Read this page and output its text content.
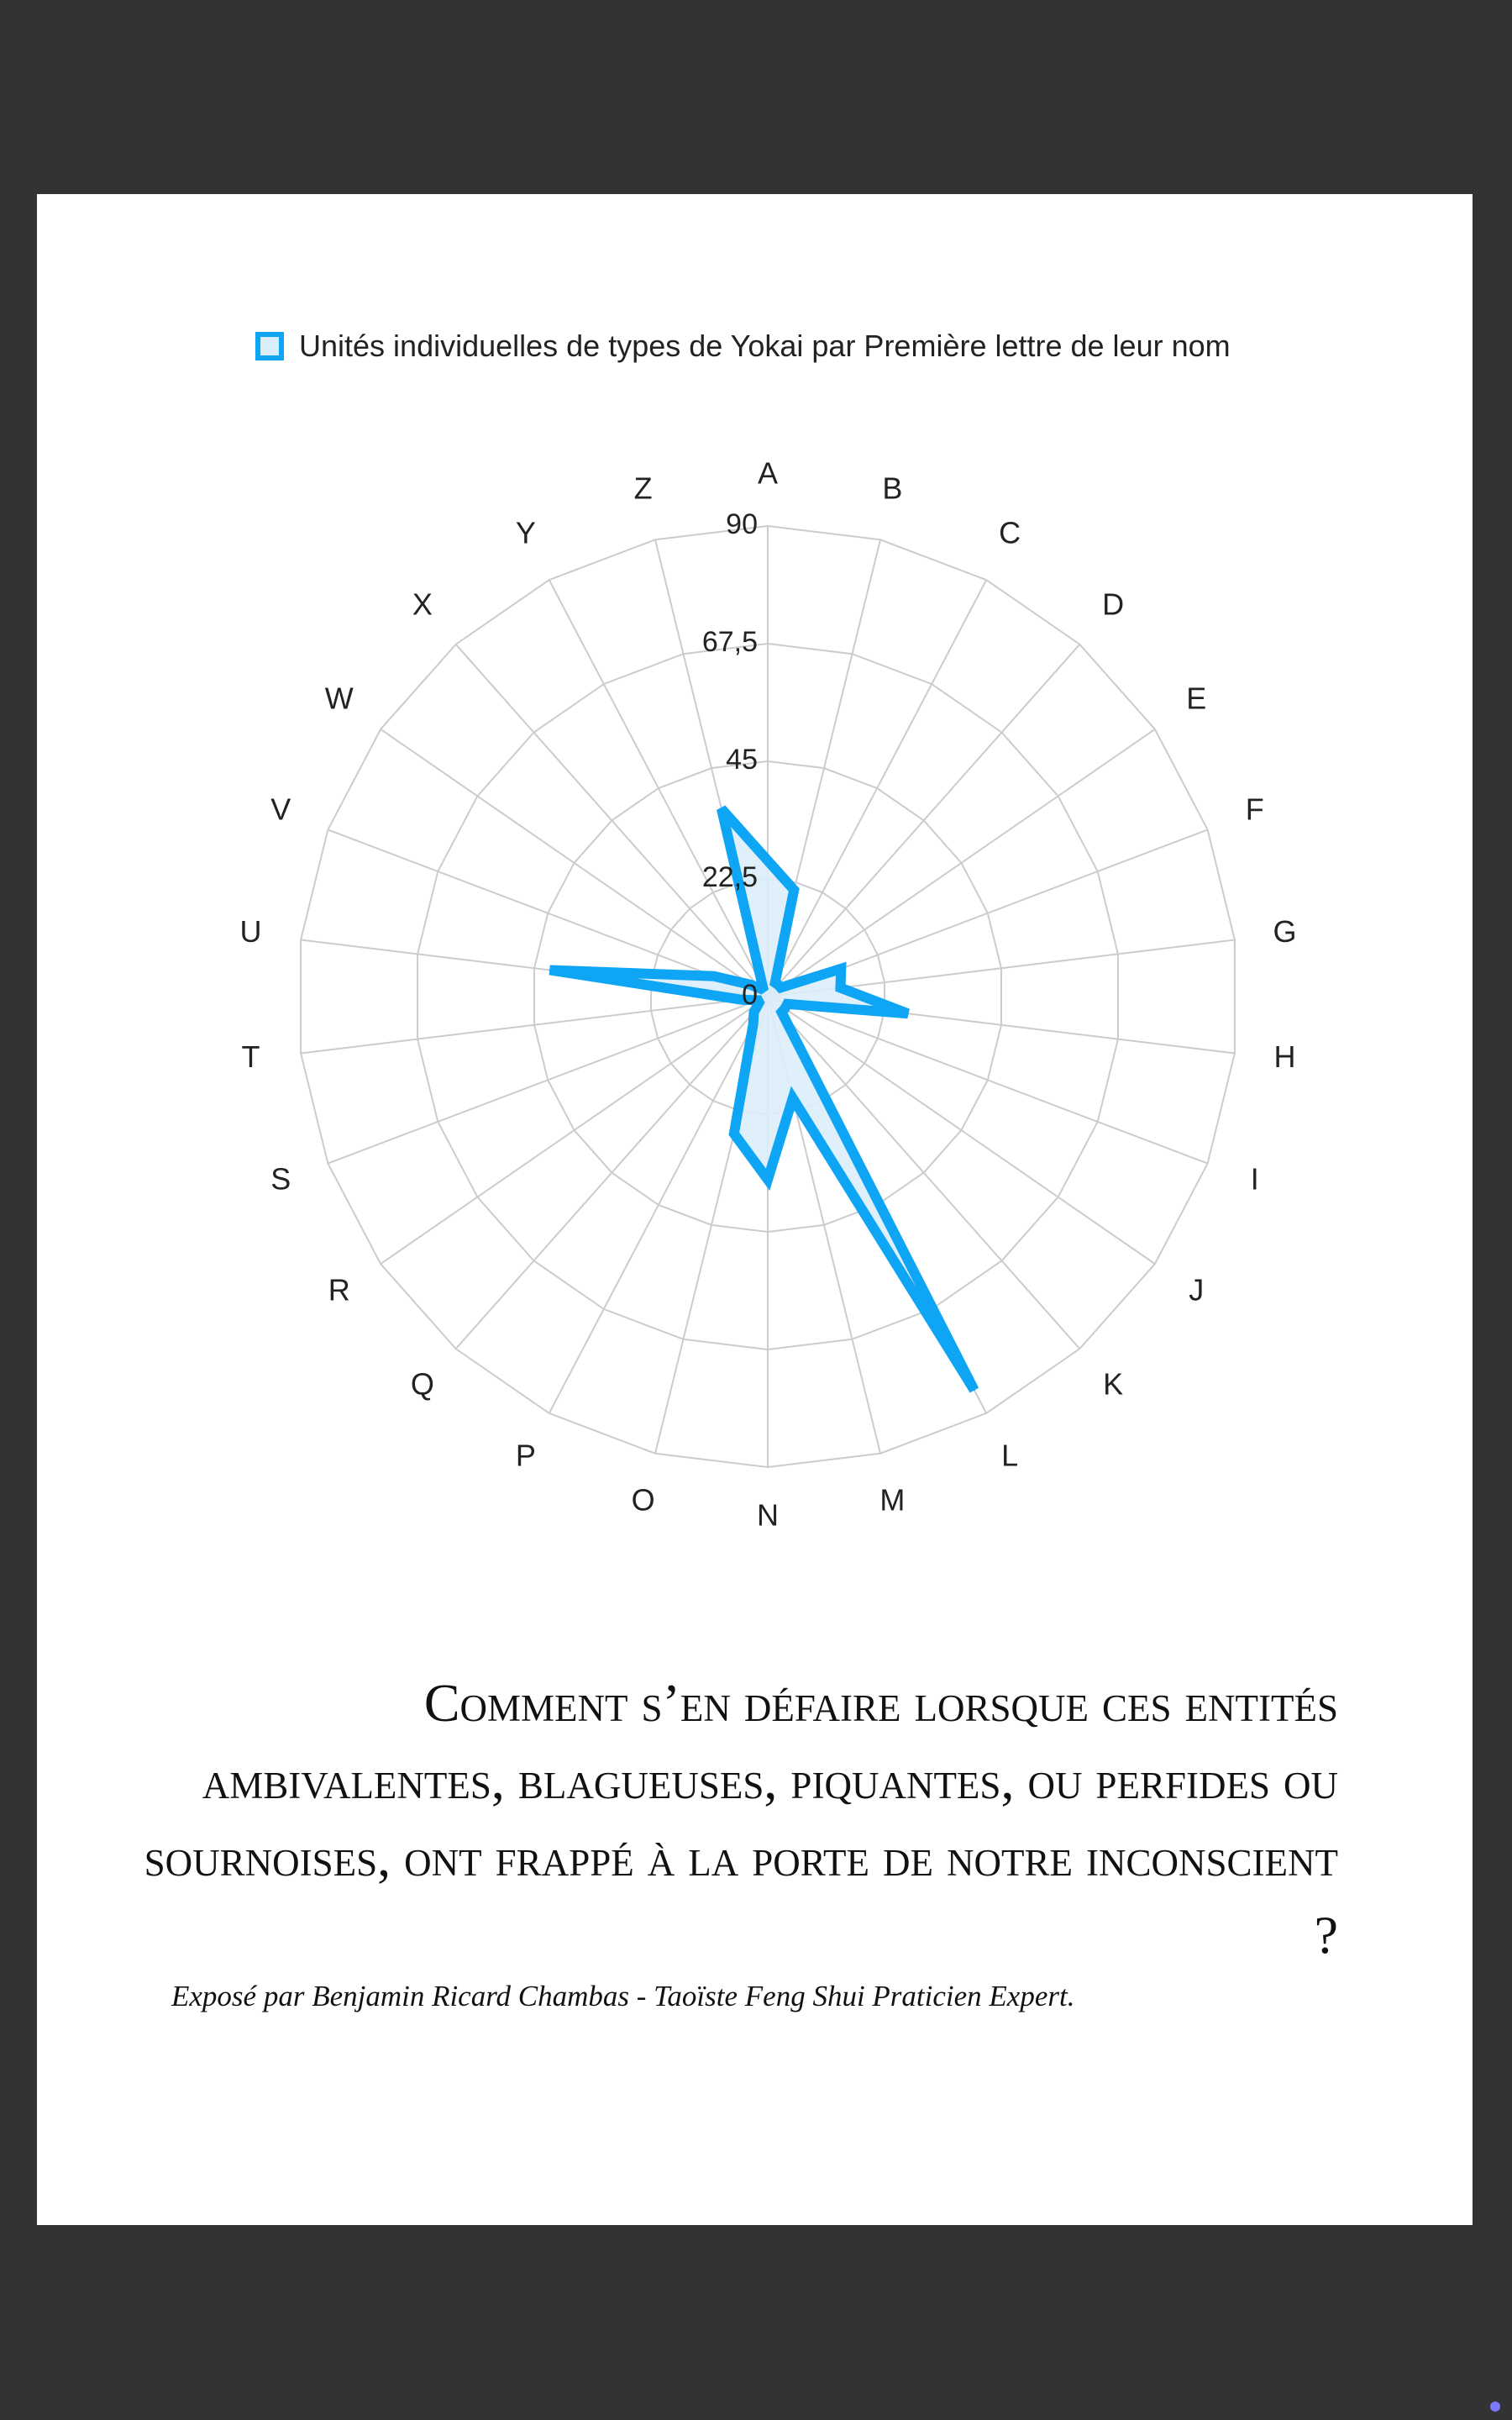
Unités individuelles de types de Yokai par Première lettre de leur nom
A	B
C
D
E
F
G
H
I
J
K
L
M
N
O
P
Q
R
S
T
U
V
W
X
Y
Z
0
22,5
45
67,5
90
Comment s’en défaire lorsque ces entités ambivalentes, blagueuses, piquantes, ou perfides ou sournoises, ont frappé à la porte de notre inconscient ?
Exposé par Benjamin Ricard Chambas - Taoïste Feng Shui Praticien Expert.
